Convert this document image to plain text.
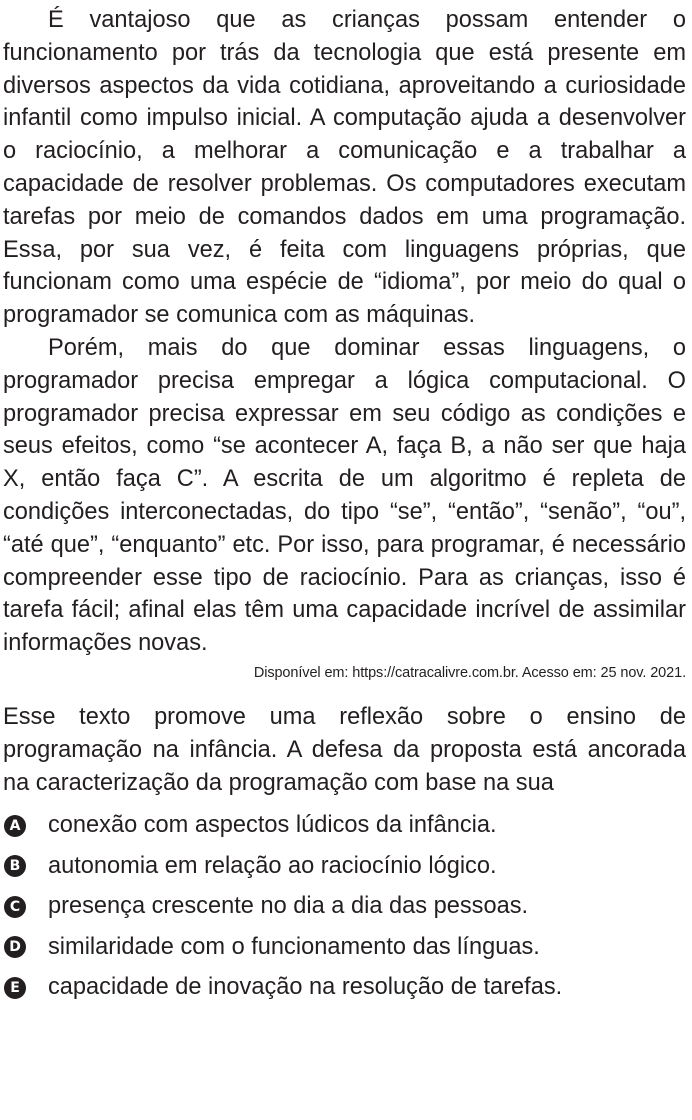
É vantajoso que as crianças possam entender o funcionamento por trás da tecnologia que está presente em diversos aspectos da vida cotidiana, aproveitando a curiosidade infantil como impulso inicial. A computação ajuda a desenvolver o raciocínio, a melhorar a comunicação e a trabalhar a capacidade de resolver problemas. Os computadores executam tarefas por meio de comandos dados em uma programação. Essa, por sua vez, é feita com linguagens próprias, que funcionam como uma espécie de “idioma”, por meio do qual o programador se comunica com as máquinas.

Porém, mais do que dominar essas linguagens, o programador precisa empregar a lógica computacional. O programador precisa expressar em seu código as condições e seus efeitos, como “se acontecer A, faça B, a não ser que haja X, então faça C”. A escrita de um algoritmo é repleta de condições interconectadas, do tipo “se”, “então”, “senão”, “ou”, “até que”, “enquanto” etc. Por isso, para programar, é necessário compreender esse tipo de raciocínio. Para as crianças, isso é tarefa fácil; afinal elas têm uma capacidade incrível de assimilar informações novas.

Disponível em: https://catracalivre.com.br. Acesso em: 25 nov. 2021.

Esse texto promove uma reflexão sobre o ensino de programação na infância. A defesa da proposta está ancorada na caracterização da programação com base na sua

A conexão com aspectos lúdicos da infância.
B autonomia em relação ao raciocínio lógico.
C presença crescente no dia a dia das pessoas.
D similaridade com o funcionamento das línguas.
E capacidade de inovação na resolução de tarefas.
